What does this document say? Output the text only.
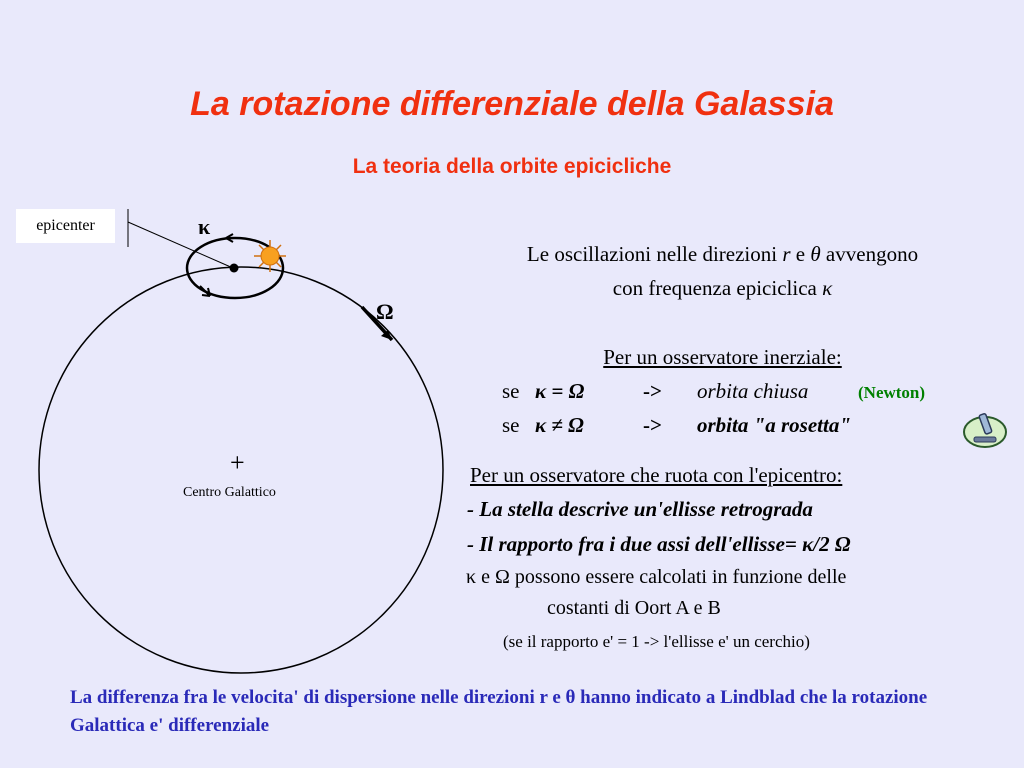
La rotazione differenziale della Galassia
La teoria della orbite epicicliche
epicenter	κ
Ω
+
Centro Galattico
Le oscillazioni nelle direzioni r e θ avvengono
con frequenza epiciclica κ
Per un osservatore inerziale:
se κ = Ω	-> orbita chiusa	(Newton)
se κ ≠ Ω	-> orbita "a rosetta"
Per un osservatore che ruota con l'epicentro:
- La stella descrive un'ellisse retrograda
- Il rapporto fra i due assi dell'ellisse= κ/2 Ω
κ e Ω possono essere calcolati in funzione delle
costanti di Oort A e B
(se il rapporto e' = 1 -> l'ellisse e' un cerchio)
La differenza fra le velocita' di dispersione nelle direzioni r e θ hanno indicato a Lindblad che la rotazione Galattica e' differenziale
